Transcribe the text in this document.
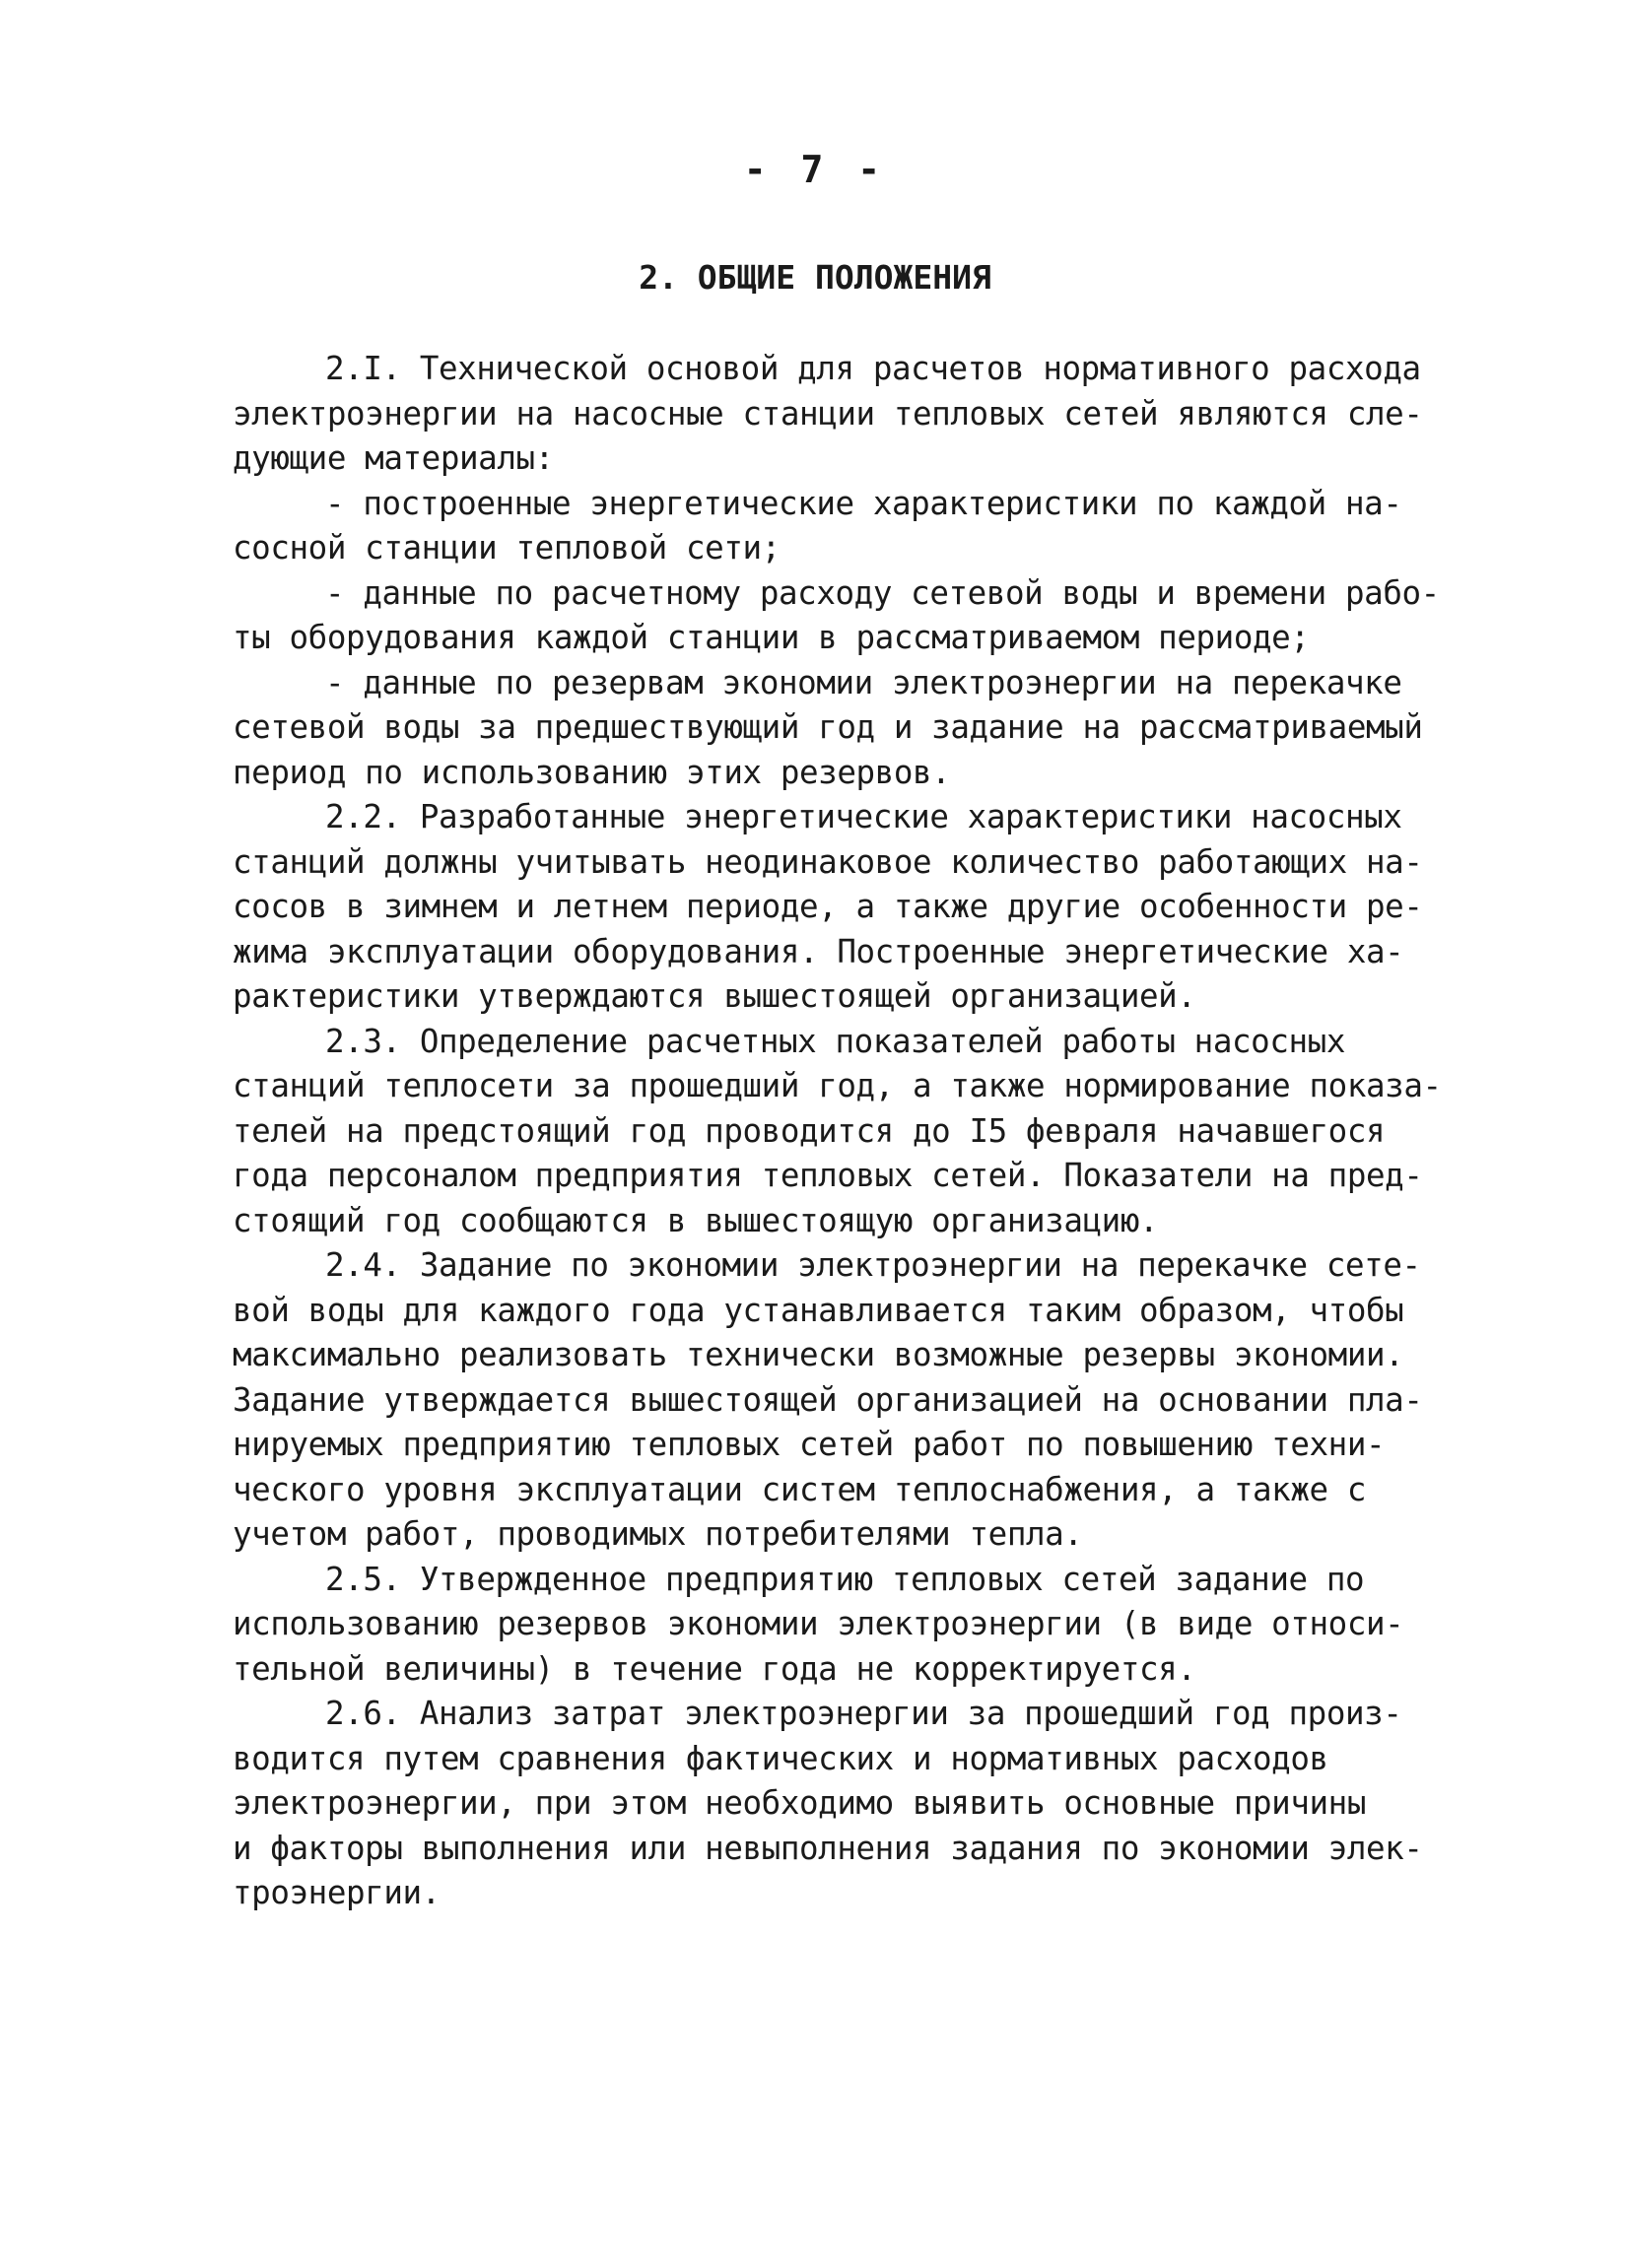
- 7 -
2. ОБЩИЕ ПОЛОЖЕНИЯ
2.I. Технической основой для расчетов нормативного расхода
электроэнергии на насосные станции тепловых сетей являются сле-
дующие материалы:
- построенные энергетические характеристики по каждой на-
сосной станции тепловой сети;
- данные по расчетному расходу сетевой воды и времени рабо-
ты оборудования каждой станции в рассматриваемом периоде;
- данные по резервам экономии электроэнергии на перекачке
сетевой воды за предшествующий год и задание на рассматриваемый
период по использованию этих резервов.
2.2. Разработанные энергетические характеристики насосных
станций должны учитывать неодинаковое количество работающих на-
сосов в зимнем и летнем периоде, а также другие особенности ре-
жима эксплуатации оборудования. Построенные энергетические ха-
рактеристики утверждаются вышестоящей организацией.
2.3. Определение расчетных показателей работы насосных
станций теплосети за прошедший год, а также нормирование показа-
телей на предстоящий год проводится до I5 февраля начавшегося
года персоналом предприятия тепловых сетей. Показатели на пред-
стоящий год сообщаются в вышестоящую организацию.
2.4. Задание по экономии электроэнергии на перекачке сете-
вой воды для каждого года устанавливается таким образом, чтобы
максимально реализовать технически возможные резервы экономии.
Задание утверждается вышестоящей организацией на основании пла-
нируемых предприятию тепловых сетей работ по повышению техни-
ческого уровня эксплуатации систем теплоснабжения, а также с
учетом работ, проводимых потребителями тепла.
2.5. Утвержденное предприятию тепловых сетей задание по
использованию резервов экономии электроэнергии (в виде относи-
тельной величины) в течение года не корректируется.
2.6. Анализ затрат электроэнергии за прошедший год произ-
водится путем сравнения фактических и нормативных расходов
электроэнергии, при этом необходимо выявить основные причины
и факторы выполнения или невыполнения задания по экономии элек-
троэнергии.
